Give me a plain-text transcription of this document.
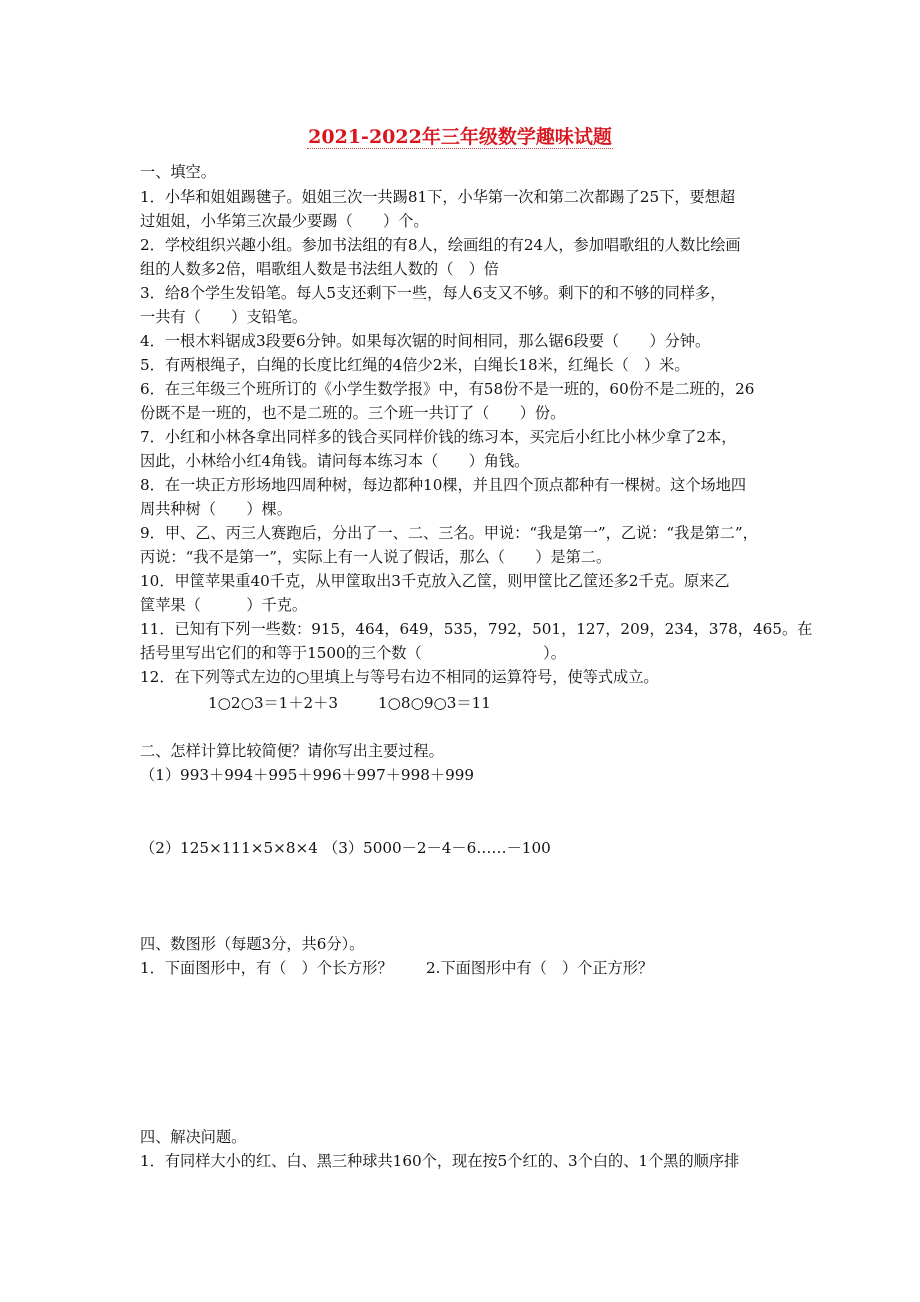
2021-2022年三年级数学趣味试题
一、填空。
1．小华和姐姐踢毽子。姐姐三次一共踢81下，小华第一次和第二次都踢了25下，要想超
过姐姐，小华第三次最少要踢（　　）个。
2．学校组织兴趣小组。参加书法组的有8人，绘画组的有24人，参加唱歌组的人数比绘画
组的人数多2倍，唱歌组人数是书法组人数的（　）倍
3．给8个学生发铅笔。每人5支还剩下一些，每人6支又不够。剩下的和不够的同样多，
一共有（　　）支铅笔。
4．一根木料锯成3段要6分钟。如果每次锯的时间相同，那么锯6段要（　　）分钟。
5．有两根绳子，白绳的长度比红绳的4倍少2米，白绳长18米，红绳长（　）米。
6．在三年级三个班所订的《小学生数学报》中，有58份不是一班的，60份不是二班的，26
份既不是一班的，也不是二班的。三个班一共订了（　　）份。
7．小红和小林各拿出同样多的钱合买同样价钱的练习本，买完后小红比小林少拿了2本，
因此，小林给小红4角钱。请问每本练习本（　　）角钱。
8．在一块正方形场地四周种树，每边都种10棵，并且四个顶点都种有一棵树。这个场地四
周共种树（　　）棵。
9．甲、乙、丙三人赛跑后，分出了一、二、三名。甲说：“我是第一”，乙说：“我是第二”，
丙说：“我不是第一”，实际上有一人说了假话，那么（　　）是第二。
10．甲筐苹果重40千克，从甲筐取出3千克放入乙筐，则甲筐比乙筐还多2千克。原来乙
筐苹果（　　　）千克。
11．已知有下列一些数：915，464，649，535，792，501，127，209，234，378，465。在
括号里写出它们的和等于1500的三个数（　　　　　　　　）。
12．在下列等式左边的○里填上与等号右边不相同的运算符号，使等式成立。
1○2○3＝1＋2＋3	1○8○9○3＝11
二、怎样计算比较简便？请你写出主要过程。
（1）993＋994＋995＋996＋997＋998＋999
（2）125×111×5×8×4 （3）5000－2－4－6……－100
四、数图形（每题3分，共6分）。
1．下面图形中，有（　）个长方形？ 2.下面图形中有（　）个正方形？
四、解决问题。
1．有同样大小的红、白、黑三种球共160个，现在按5个红的、3个白的、1个黑的顺序排
